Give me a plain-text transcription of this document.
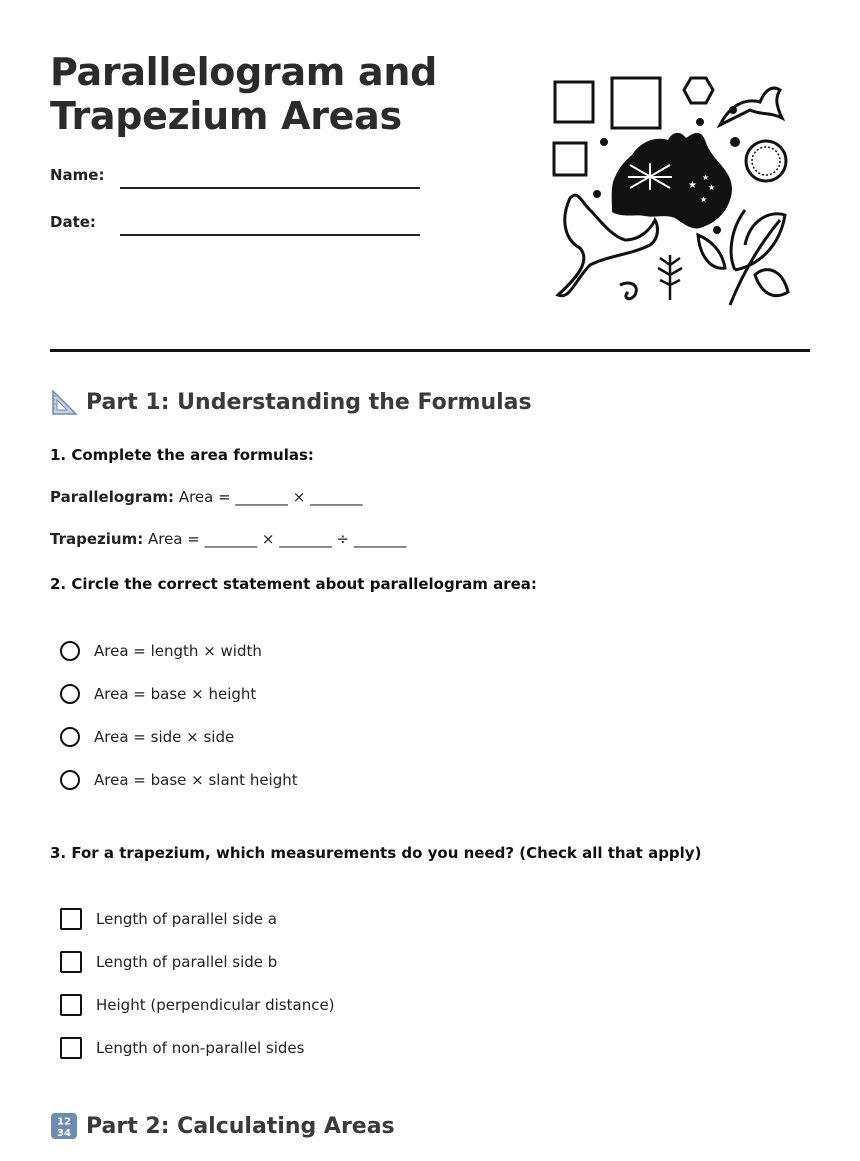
Parallelogram and
Trapezium Areas
Name:
Date:
★
★
★
★
Part 1: Understanding the Formulas

1. Complete the area formulas:

Parallelogram: Area = _______ × _______

Trapezium: Area = _______ × _______ ÷ _______

2. Circle the correct statement about parallelogram area:

Area = length × width
Area = base × height
Area = side × side
Area = base × slant height

3. For a trapezium, which measurements do you need? (Check all that apply)

Length of parallel side a
Length of parallel side b
Height (perpendicular distance)
Length of non-parallel sides
12
34 Part 2: Calculating Areas
